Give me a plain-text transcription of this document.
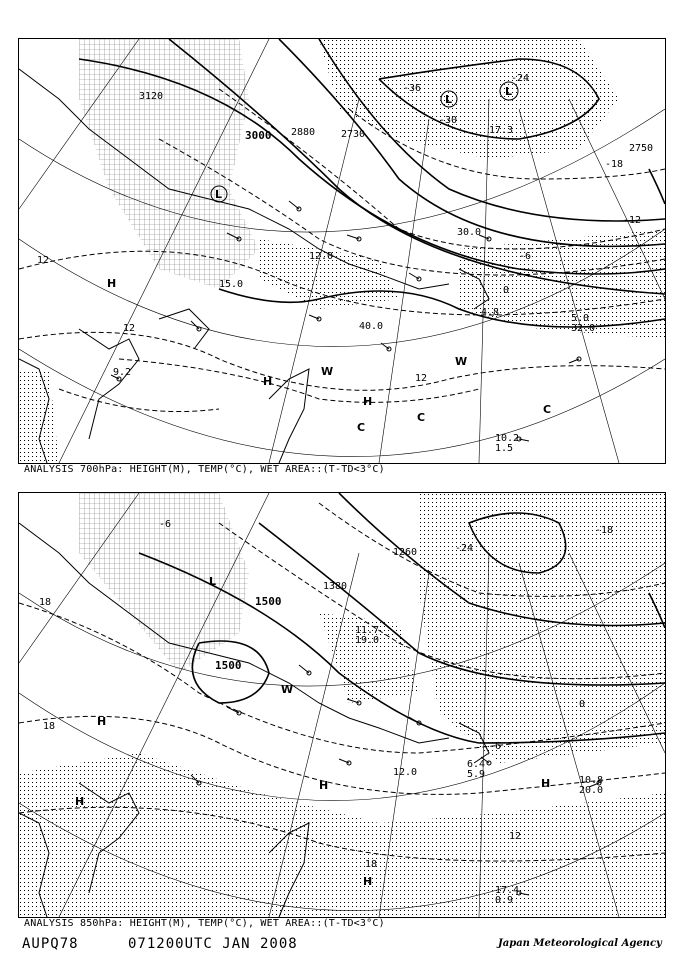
3120
3000 2880	2730
2750
-12
-18
-24
-30
-36
0
-6
12
12
12
H
H
H
L
L
L
C
C
C
W
W
15.0
12.0
40.0
17.3
5.0
32.0
10.2
1.5
4.8
30.0
9.2
ANALYSIS 700hPa: HEIGHT(M), TEMP(°C), WET AREA::(T-TD<3°C)
1500
1500
1380
1260
18
18
12
-6
0
6
-24
-18
18
H
H
H	H
H
L
W
11.7
19.0
10.8
20.0
6.4
5.9
12.0
17.4
0.9
ANALYSIS 850hPa: HEIGHT(M), TEMP(°C), WET AREA::(T-TD<3°C)
AUPQ78	071200UTC JAN 2008	Japan Meteorological Agency
